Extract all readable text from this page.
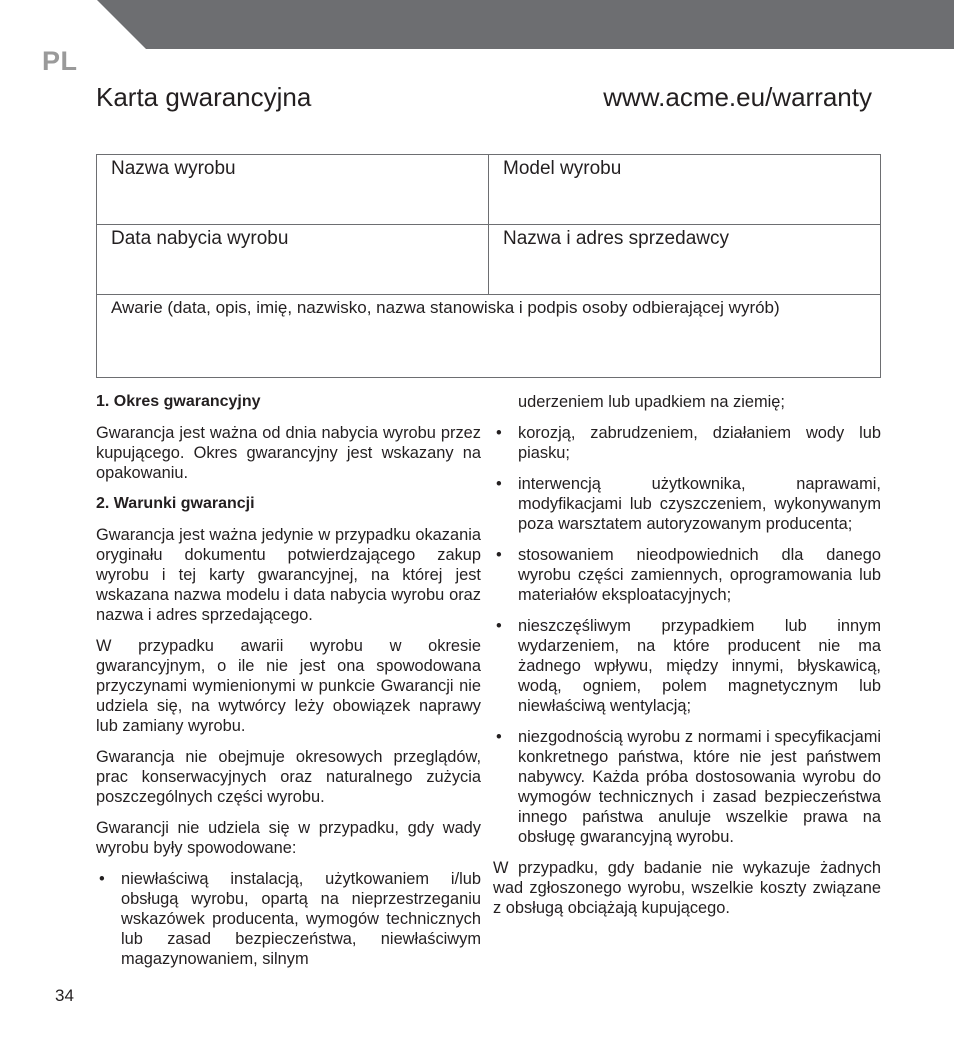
PL
Karta gwarancyjna	www.acme.eu/warranty
Nazwa wyrobu	Model wyrobu
Data nabycia wyrobu	Nazwa i adres sprzedawcy
Awarie (data, opis, imię, nazwisko, nazwa stanowiska i podpis osoby odbierającej wyrób)	
1. Okres gwarancyjny

Gwarancja jest ważna od dnia nabycia wyrobu przez kupującego. Okres gwarancyjny jest wskazany na opakowaniu.

2. Warunki gwarancji

Gwarancja jest ważna jedynie w przypadku okazania oryginału dokumentu potwierdzającego zakup wyrobu i tej karty gwarancyjnej, na której jest wskazana nazwa modelu i data nabycia wyrobu oraz nazwa i adres sprzedającego.

W przypadku awarii wyrobu w okresie gwarancyjnym, o ile nie jest ona spowodowana przyczynami wymienionymi w punkcie Gwarancji nie udziela się, na wytwórcy leży obowiązek naprawy lub zamiany wyrobu.

Gwarancja nie obejmuje okresowych przeglądów, prac konserwacyjnych oraz naturalnego zużycia poszczególnych części wyrobu.

Gwarancji nie udziela się w przypadku, gdy wady wyrobu były spowodowane:

• niewłaściwą instalacją, użytkowaniem i/lub obsługą wyrobu, opartą na nieprzestrzeganiu wskazówek producenta, wymogów technicznych lub zasad bezpieczeństwa, niewłaściwym magazynowaniem, silnym

uderzeniem lub upadkiem na ziemię;

• korozją, zabrudzeniem, działaniem wody lub piasku;
• interwencją użytkownika, naprawami, modyfikacjami lub czyszczeniem, wykonywanym poza warsztatem autoryzowanym producenta;
• stosowaniem nieodpowiednich dla danego wyrobu części zamiennych, oprogramowania lub materiałów eksploatacyjnych;
• nieszczęśliwym przypadkiem lub innym wydarzeniem, na które producent nie ma żadnego wpływu, między innymi, błyskawicą, wodą, ogniem, polem magnetycznym lub niewłaściwą wentylacją;
• niezgodnością wyrobu z normami i specyfikacjami konkretnego państwa, które nie jest państwem nabywcy. Każda próba dostosowania wyrobu do wymogów technicznych i zasad bezpieczeństwa innego państwa anuluje wszelkie prawa na obsługę gwarancyjną wyrobu.

W przypadku, gdy badanie nie wykazuje żadnych wad zgłoszonego wyrobu, wszelkie koszty związane z obsługą obciążają kupującego.

34
